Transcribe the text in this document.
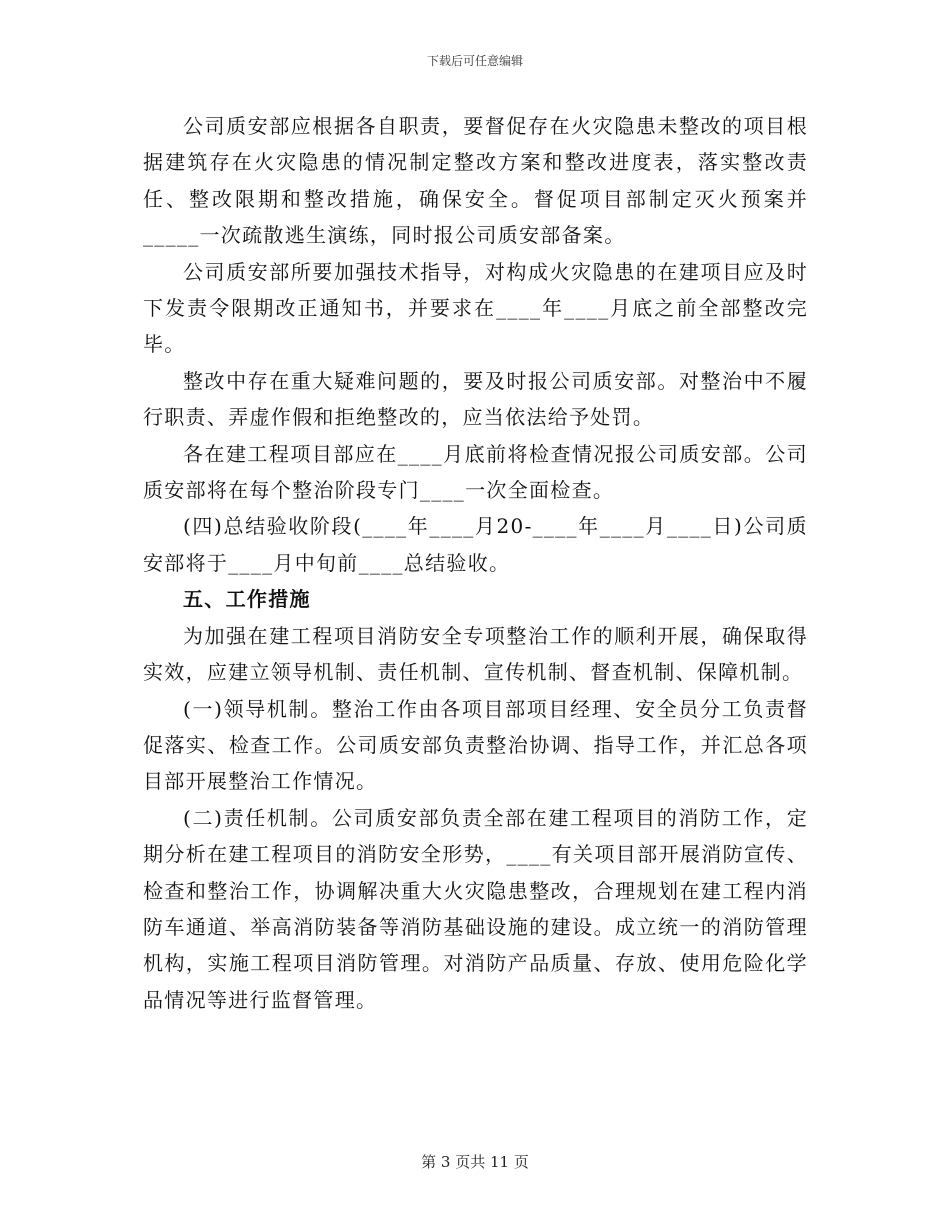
下载后可任意编辑

公司质安部应根据各自职责，要督促存在火灾隐患未整改的项目根据建筑存在火灾隐患的情况制定整改方案和整改进度表，落实整改责任、整改限期和整改措施，确保安全。督促项目部制定灭火预案并_____一次疏散逃生演练，同时报公司质安部备案。

公司质安部所要加强技术指导，对构成火灾隐患的在建项目应及时下发责令限期改正通知书，并要求在____年____月底之前全部整改完毕。

整改中存在重大疑难问题的，要及时报公司质安部。对整治中不履行职责、弄虚作假和拒绝整改的，应当依法给予处罚。

各在建工程项目部应在____月底前将检查情况报公司质安部。公司质安部将在每个整治阶段专门____一次全面检查。

(四)总结验收阶段(____年____月20-____年____月____日)公司质安部将于____月中旬前____总结验收。

五、工作措施

为加强在建工程项目消防安全专项整治工作的顺利开展，确保取得实效，应建立领导机制、责任机制、宣传机制、督查机制、保障机制。

(一)领导机制。整治工作由各项目部项目经理、安全员分工负责督促落实、检查工作。公司质安部负责整治协调、指导工作，并汇总各项目部开展整治工作情况。

(二)责任机制。公司质安部负责全部在建工程项目的消防工作，定期分析在建工程项目的消防安全形势，____有关项目部开展消防宣传、检查和整治工作，协调解决重大火灾隐患整改，合理规划在建工程内消防车通道、举高消防装备等消防基础设施的建设。成立统一的消防管理机构，实施工程项目消防管理。对消防产品质量、存放、使用危险化学品情况等进行监督管理。

第 3 页共 11 页
